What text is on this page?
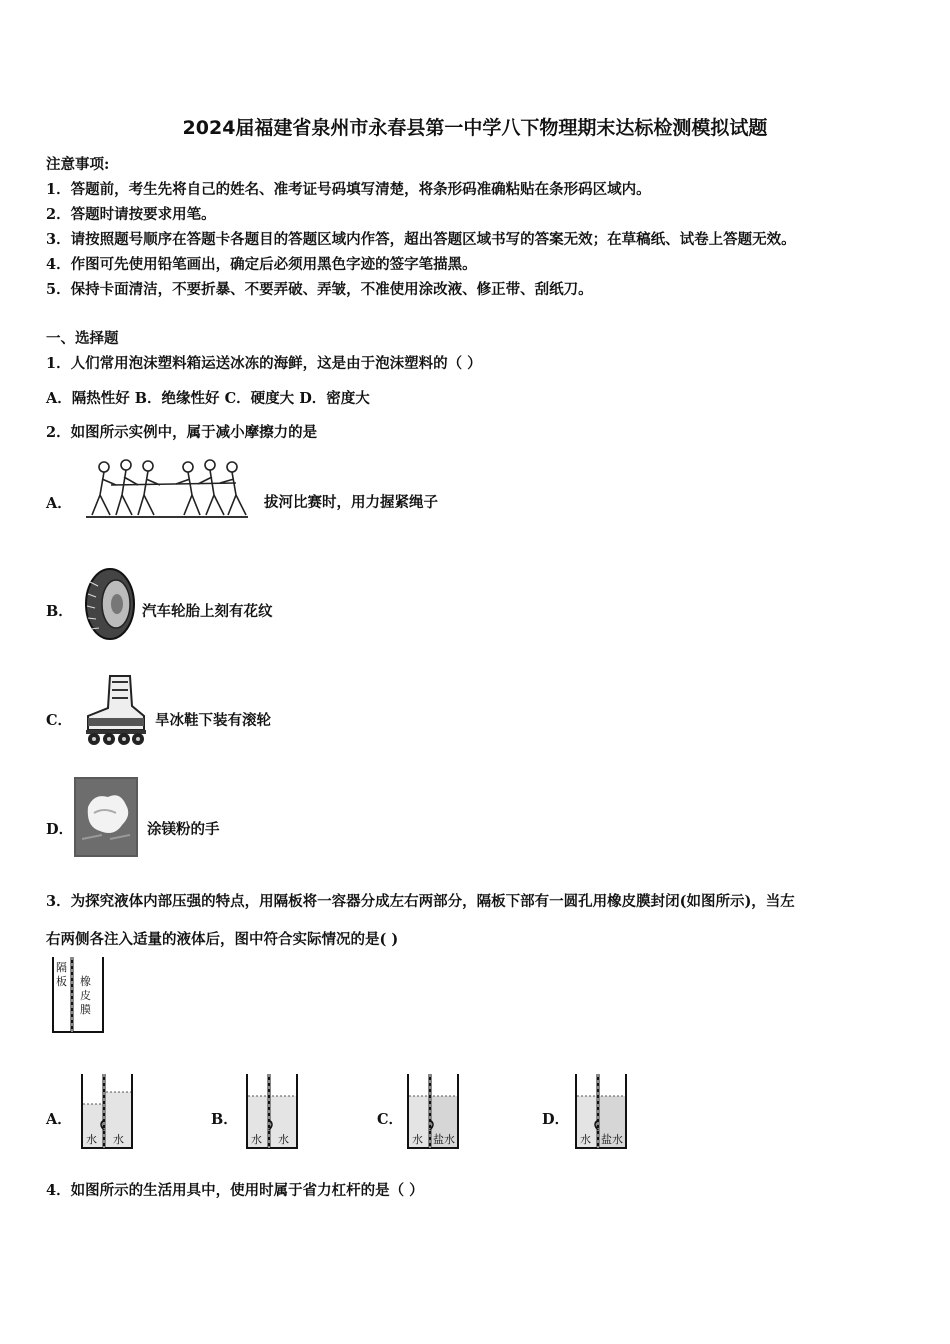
2024届福建省泉州市永春县第一中学八下物理期末达标检测模拟试题
注意事项:
1．答题前，考生先将自己的姓名、准考证号码填写清楚，将条形码准确粘贴在条形码区域内。
2．答题时请按要求用笔。
3．请按照题号顺序在答题卡各题目的答题区域内作答，超出答题区域书写的答案无效；在草稿纸、试卷上答题无效。
4．作图可先使用铅笔画出，确定后必须用黑色字迹的签字笔描黑。
5．保持卡面清洁，不要折暴、不要弄破、弄皱，不准使用涂改液、修正带、刮纸刀。
一、选择题
1．人们常用泡沫塑料箱运送冰冻的海鲜，这是由于泡沫塑料的（ ）
A．隔热性好 B．绝缘性好 C．硬度大 D．密度大
2．如图所示实例中，属于减小摩擦力的是
A．	拔河比赛时，用力握紧绳子
B．	汽车轮胎上刻有花纹
C．	旱冰鞋下装有滚轮
D．	涂镁粉的手
3．为探究液体内部压强的特点，用隔板将一容器分成左右两部分，隔板下部有一圆孔用橡皮膜封闭(如图所示)，当左
右两侧各注入适量的液体后，图中符合实际情况的是( )
隔板 橡皮膜
A．
水 水
B．
水 水
C．
水 盐水
D．
水 盐水
4．如图所示的生活用具中，使用时属于省力杠杆的是（ ）
